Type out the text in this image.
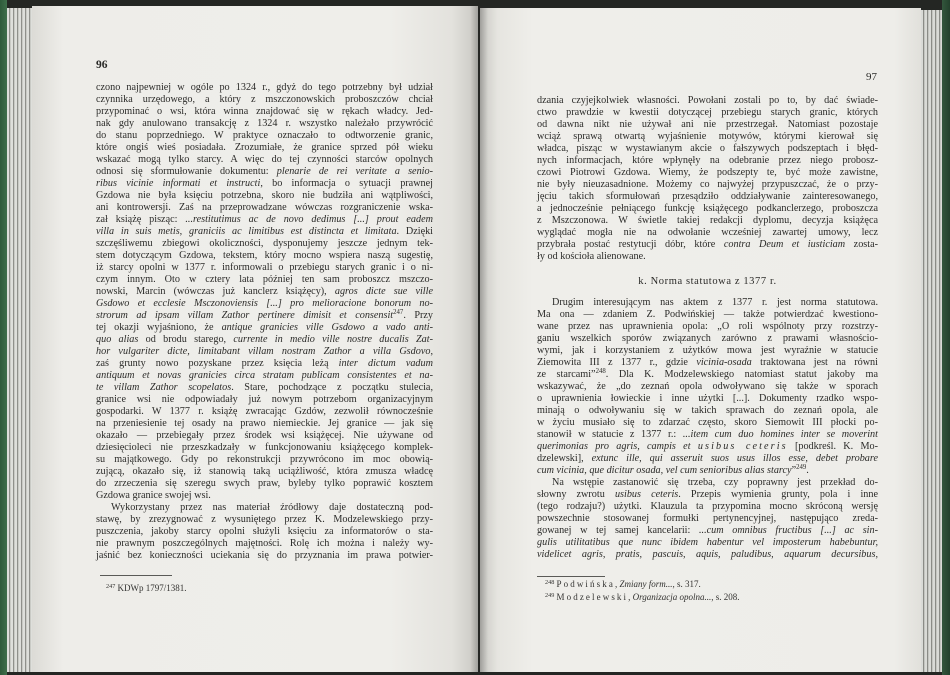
96
97
czono najpewniej w ogóle po 1324 r., gdyż do tego potrzebny był udział
czynnika urzędowego, a który z mszczonowskich proboszczów chciał
przypominać o wsi, która winna znajdować się w rękach władcy. Jed-
nak gdy anulowano transakcję z 1324 r. wszystko należało przywrócić
do stanu poprzedniego. W praktyce oznaczało to odtworzenie granic,
które ongiś wieś posiadała. Zrozumiałe, że granice sprzed pół wieku
wskazać mogą tylko starcy. A więc do tej czynności starców opolnych
odnosi się sformułowanie dokumentu: plenarie de rei veritate a senio-
ribus vicinie informati et instructi, bo informacja o sytuacji prawnej
Gzdowa nie była księciu potrzebna, skoro nie budziła ani wątpliwości,
ani kontrowersji. Zaś na przeprowadzane wówczas rozgraniczenie wska-
zał książę pisząc: ...restitutimus ac de novo dedimus [...] prout eadem
villa in suis metis, graniciis ac limitibus est distincta et limitata. Dzięki
szczęśliwemu zbiegowi okoliczności, dysponujemy jeszcze jednym tek-
stem dotyczącym Gzdowa, tekstem, który mocno wspiera naszą sugestię,
iż starcy opolni w 1377 r. informowali o przebiegu starych granic i o ni-
czym innym. Oto w cztery lata później ten sam proboszcz mszczo-
nowski, Marcin (wówczas już kanclerz książęcy), agros dicte sue ville
Gsdowo et ecclesie Msczonoviensis [...] pro melioracione bonorum no-
strorum ad ipsam villam Zathor pertinere dimisit et consensit$^{247}$. Przy
tej okazji wyjaśniono, że antique granicies ville Gsdowo a vado anti-
quo alias od brodu starego, currente in medio ville nostre ducalis Zat-
hor vulgariter dicte, limitabant villam nostram Zathor a villa Gsdovo,
zaś grunty nowo pozyskane przez księcia leżą inter dictum vadum
antiquum et novas granicies circa stratam publicam consistentes et na-
te villam Zathor scopelatos. Stare, pochodzące z początku stulecia,
granice wsi nie odpowiadały już nowym potrzebom organizacyjnym
gospodarki. W 1377 r. książę zwracając Gzdów, zezwolił równocześnie
na przeniesienie tej osady na prawo niemieckie. Jej granice — jak się
okazało — przebiegały przez środek wsi książęcej. Nie używane od
dziesięcioleci nie przeszkadzały w funkcjonowaniu książęcego komplek-
su majątkowego. Gdy po rekonstrukcji przywrócono im moc obowią-
zującą, okazało się, iż stanowią taką uciążliwość, która zmusza władcę
do zrzeczenia się szeregu swych praw, byleby tylko poprawić kosztem
Gzdowa granice swojej wsi.
Wykorzystany przez nas materiał źródłowy daje dostateczną pod-
stawę, by zrezygnować z wysuniętego przez K. Modzelewskiego przy-
puszczenia, jakoby starcy opolni służyli księciu za informatorów o sta-
nie prawnym poszczególnych majętności. Rolę ich można i należy wy-
jaśnić bez konieczności uciekania się do przyznania im prawa potwier-
$^{247}$ KDWp 1797/1381.
dzania czyjejkolwiek własności. Powołani zostali po to, by dać świade-
ctwo prawdzie w kwestii dotyczącej przebiegu starych granic, których
od dawna nikt nie używał ani nie przestrzegał. Natomiast pozostaje
wciąż sprawą otwartą wyjaśnienie motywów, którymi kierował się
władca, pisząc w wystawianym akcie o fałszywych podszeptach i błęd-
nych informacjach, które wpłynęły na odebranie przez niego probosz-
czowi Piotrowi Gzdowa. Wiemy, że podszepty te, być może zawistne,
nie były nieuzasadnione. Możemy co najwyżej przypuszczać, że o przy-
jęciu takich sformułowań przesądziło oddziaływanie zainteresowanego,
a jednocześnie pełniącego funkcję książęcego podkanclerzego, proboszcza
z Mszczonowa. W świetle takiej redakcji dyplomu, decyzja książęca
wyglądać mogła nie na odwołanie wcześniej zawartej umowy, lecz
przybrała postać restytucji dóbr, które contra Deum et iusticiam zosta-
ły od kościoła alienowane.
k. Norma statutowa z 1377 r.
Drugim interesującym nas aktem z 1377 r. jest norma statutowa.
Ma ona — zdaniem Z. Podwińskiej — także potwierdzać kwestiono-
wane przez nas uprawnienia opola: „O roli wspólnoty przy rozstrzy-
ganiu wszelkich sporów związanych zarówno z prawami własnościo-
wymi, jak i korzystaniem z użytków mowa jest wyraźnie w statucie
Ziemowita III z 1377 r., gdzie vicinia-osada traktowana jest na równi
ze starcami”$^{248}$. Dla K. Modzelewskiego natomiast statut jakoby ma
wskazywać, że „do zeznań opola odwoływano się także w sporach
o uprawnienia łowieckie i inne użytki [...]. Dokumenty rzadko wspo-
minają o odwoływaniu się w takich sprawach do zeznań opola, ale
w życiu musiało się to zdarzać często, skoro Siemowit III płocki po-
stanowił w statucie z 1377 r.: ...item cum duo homines inter se moverint
querimonias pro agris, campis et usibus ceteris [podkreśl. K. Mo-
dzelewski], extunc ille, qui asseruit suos usus illos esse, debet probare
cum vicinia, que dicitur osada, vel cum senioribus alias starcy”$^{249}$.
Na wstępie zastanowić się trzeba, czy poprawny jest przekład do-
słowny zwrotu usibus ceteris. Przepis wymienia grunty, pola i inne
(tego rodzaju?) użytki. Klauzula ta przypomina mocno skróconą wersję
powszechnie stosowanej formułki pertynencyjnej, następująco zreda-
gowanej w tej samej kancelarii: ...cum omnibus fructibus [...] ac sin-
gulis utilitatibus que nunc ibidem habentur vel imposterum habebuntur,
videlicet agris, pratis, pascuis, aquis, paludibus, aquarum decursibus,
$^{248}$ Podwińska, Zmiany form..., s. 317.
$^{249}$ Modzelewski, Organizacja opolna..., s. 208.
